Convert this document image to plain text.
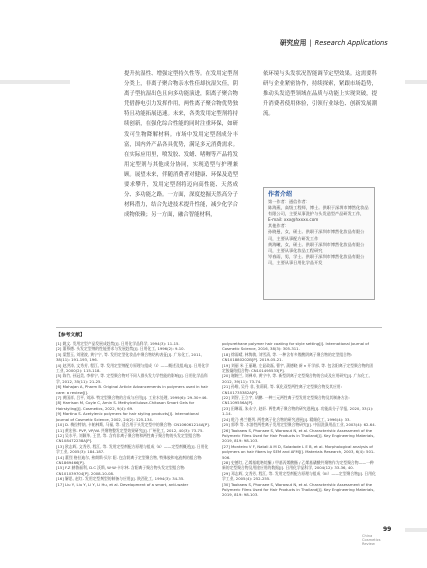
研究应用 | Research Applications

提升抗湿性、增强定型持久性等。在发用定型剂分类上，非离子聚合物亲水性佳却抗湿欠佳，阴离子型抗湿出色且向多功能演进，阳离子聚合物凭借静电引力发挥作用，两性离子聚合物优势独特且功能拓展迅速。未来，各类发用定型剂将持续创新，在强化综合性能的同时注重环保，如研发可生物降解材料。市场中发用定型剂成分丰富，国内外产品各具优势，满足多元消费需求。在实际应用里，喷发胶、发蜡、啫喱等产品将发用定型剂与其他成分协同，实现造型与护理兼顾。展望未来，伴随消费者对健康、环保及造型要求攀升，发用定型剂将迈向高性能、天然成分、多功能之路。一方面，深度挖掘天然高分子材料潜力，结合先进技术提升性能，减少化学合成物依赖；另一方面，融合智能材料，

依环境与头发状况智能调节定型效果。这需要科研与企业紧密协作，持续探索，紧跟市场趋势，推动头发造型领域在品质与功能上实现突破，提升消费者使用体验，引领行业绿色、创新发展潮流。

作者介绍

第一作者：通信作者：

陈海燕，高级工程师，博士。供职于深圳市博然化妆品有限公司，主要从事洗护与头发造型产品研发工作，

E-mail: xxx@hxxxx.com

其他作者：

孙晓曼，女，硕士。供职于深圳市博然化妆品有限公司，主要从事配方研发工作

黄海曦，女，硕士。供职于深圳市博然化妆品有限公司，主要从事化妆品工程研究

岑春雨，男，学士。供职于深圳市博然化妆品有限公司，主要从事日用化学品开发

【参考文献】

[1] 姚文. 发用定型产品发展成趋势[J]. 日用化学品科学, 1994(3): 11-15.

[2] 董慕德. 头发定型剂的性能要求与发展趋势[J]. 日用化工, 1996(2): 9-10.

[3] 梁慧玉, 刘建波, 黄宁宁, 等. 发用定型化妆品中聚合物结构表征[J]. 广东化工, 2011, 38(11): 191-193, 196.

[4] 赵洪涛, 文秀芳, 程江, 等. 发用定型剂配方原理与组成（Ⅰ）——概述及组成[J]. 日用化学工业, 2000(2): 115-118.

[5] 陈竹, 孙冠美, 李梓宁, 等. 定型聚合物对不同人群头发力学性能的影响[J]. 日用化学品科学, 2012, 35(11): 21-25.

[6] Mahajan A, Pharm B. Original Article Advancements in polymers used in hair care: a review[J].

[7] 黄国祥, 吕平, 刘沛. 特定型聚合物的合成与应用[J]. 工业水处理, 1999(6): 29-30+46.

[8] Harrison M, Coyle C, Amin S. Methylcellulose-Chitosan Smart Gels for Hairstyling[J]. Cosmetics, 2022, 9(4): 69.

[9] Martino S. Acetylenic polymers for hair styling products[J]. International Journal of Cosmetic Science, 2002, 24(2): 125-134.

[10] D. 梅拉特纳, 卡帕林斯, 马福, 等. 适合用于头发定型中的聚合物: CN106061214A[P].

[11] 黄宏伟. PVP, VP/VA 共聚物整发定型效果研究[J]. 广州化工, 2012, 40(3): 73-75.

[12] 吴水平, 刘颖华, 王世, 等. 含有非离子聚合物和两性离子聚合物的头发定型组合物: CN108472238A[P].

[13] 欧志辉, 文秀芳, 程江, 等. 发用定型剂配方原理与组成（Ⅱ）——定型剂概述[J]. 日用化学工业, 2005(3): 184-187.

[14] 董烈 格拉迪尔, 弗朗斯·贝尔 阳. 包含阴离子定型聚合物, 特殊胶和电液剂的组合物: CN1869466[P].

[15] F.Z 赫鲁福利, D.C 沃斯, W·W·卡尔林. 含阳离子聚合物头发定型组合物: CN101039704[P]. 2008-10-08.

[16] 解思, 赵红. 发用定型剂型的制备与应用[J]. 陕西化工, 1994(3): 34-35.

[17] Liu Y, Liu Y, Li Y, Li Hu, et al. Development of a smart, anti-water

polyurethane polymer hair coating for style setting[J]. International Journal of Cosmetic Science, 2016, 38(3): 305-311.

[18] 徐雨晴, 林隽敏, 刘雪清, 等. 一种含有多羧酸阴离子聚合物的定型组合物: CN101880202B[P]. 2019-05-21.

[19] 刘丽 米 王丽珊, 左显政磊, 曹宇, 蒲德晓 新 n 开学部, 等. 包含阳离子定型聚合物的固定胶凝结组合物: CN101495533[P].

[20] 谢婉兰, 刘禅卓, 黄宁中, 等. 新型阴离子定型聚合物的合成及应用研究[J]. 广东化工, 2012, 39(11): 73-74.

[21] 孙唯, 吴丹 非, 张莉莉, 等. 氧化双型两性离子定型聚合物及其应用: CN101735382A[P].

[22] 刘智, 王立宇, 胡鹏. 一种三元两性离子型发用定型聚合物及其制备方法: CN1109556A[P].

[23] 田琳雨, 朱永宁, 赵轩. 两性离子聚合物的研究进展[J]. 功能高分子学报, 2020, 33(1): 1-14.

[24] 乾乃 弗兰德列. 两性离子化合物的研究进展[J]. 精细化工, 1996(4): 33.

[25] 郭季 等. 水溶性两性离子发用定型聚合物研究[J]. 中国洗涤用品工业, 2003(4): 62-64.

[26] Taokaew S, Phonsee S, Worawut N, et al. Characteristic Assessment of the Polymeric Films Used for Hair Products in Thailand[J]. Key Engineering Materials, 2019, 819: 98-103.

[27] Monteiro V F, Natali A M D, Soladade L E B, et al. Morphological analysis of polymers on hair fibers by SEM and AFM[J]. Materials Research, 2003, 6(4): 501-506.

[28] 史德红, 乙烯基吡咯烷酮 / 甲基丙烯酸酯 / 乙烯基磺酸共聚物作为定型聚合物——一种新的定型聚合物及用途应用的数据[J]. 日用化学品科学, 2004(12): 33-36, 40.

[29] 邓志辉, 文秀芳, 程江, 等. 发用定型剂配方原理与组成（III）——定型聚合物[J]. 日用化学工业, 2005(4): 252-255.

[30] Taokaew S, Phonsee S, Worawut N, et al. Characteristic Assessment of the Polymeric Films Used for Hair Products in Thailand[J]. Key Engineering Materials, 2019, 819: 98-103.

99
China
Cosmetics
Review
